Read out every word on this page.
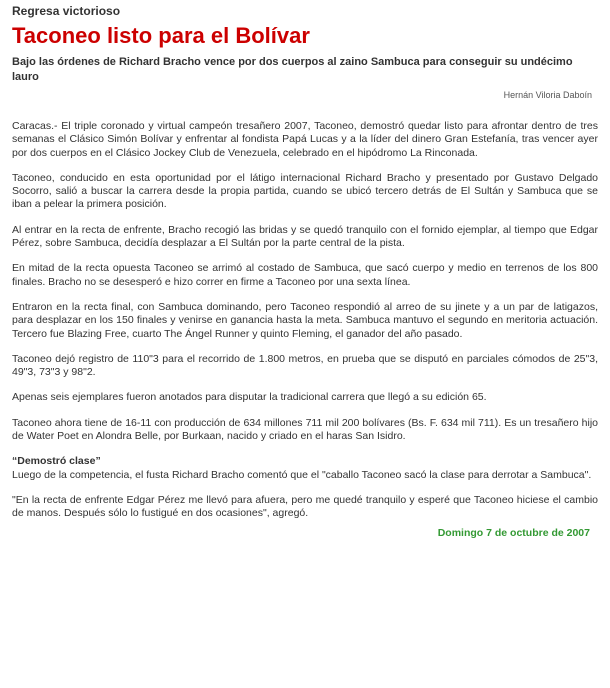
Regresa victorioso
Taconeo listo para el Bolívar
Bajo las órdenes de Richard Bracho vence por dos cuerpos al zaino Sambuca para conseguir su undécimo lauro
Hernán Viloria Daboín

Caracas.- El triple coronado y virtual campeón tresañero 2007, Taconeo, demostró quedar listo para afrontar dentro de tres semanas el Clásico Simón Bolívar y enfrentar al fondista Papá Lucas y a la líder del dinero Gran Estefanía, tras vencer ayer por dos cuerpos en el Clásico Jockey Club de Venezuela, celebrado en el hipódromo La Rinconada.

Taconeo, conducido en esta oportunidad por el látigo internacional Richard Bracho y presentado por Gustavo Delgado Socorro, salió a buscar la carrera desde la propia partida, cuando se ubicó tercero detrás de El Sultán y Sambuca que se iban a pelear la primera posición.

Al entrar en la recta de enfrente, Bracho recogió las bridas y se quedó tranquilo con el fornido ejemplar, al tiempo que Edgar Pérez, sobre Sambuca, decidía desplazar a El Sultán por la parte central de la pista.

En mitad de la recta opuesta Taconeo se arrimó al costado de Sambuca, que sacó cuerpo y medio en terrenos de los 800 finales. Bracho no se desesperó e hizo correr en firme a Taconeo por una sexta línea.

Entraron en la recta final, con Sambuca dominando, pero Taconeo respondió al arreo de su jinete y a un par de latigazos, para desplazar en los 150 finales y venirse en ganancia hasta la meta. Sambuca mantuvo el segundo en meritoria actuación. Tercero fue Blazing Free, cuarto The Ángel Runner y quinto Fleming, el ganador del año pasado.

Taconeo dejó registro de 110"3 para el recorrido de 1.800 metros, en prueba que se disputó en parciales cómodos de 25"3, 49"3, 73"3 y 98"2.

Apenas seis ejemplares fueron anotados para disputar la tradicional carrera que llegó a su edición 65.

Taconeo ahora tiene de 16-11 con producción de 634 millones 711 mil 200 bolívares (Bs. F. 634 mil 711). Es un tresañero hijo de Water Poet en Alondra Belle, por Burkaan, nacido y criado en el haras San Isidro.

“Demostró clase”

Luego de la competencia, el fusta Richard Bracho comentó que el "caballo Taconeo sacó la clase para derrotar a Sambuca".

"En la recta de enfrente Edgar Pérez me llevó para afuera, pero me quedé tranquilo y esperé que Taconeo hiciese el cambio de manos. Después sólo lo fustigué en dos ocasiones", agregó.

Domingo 7 de octubre de 2007
